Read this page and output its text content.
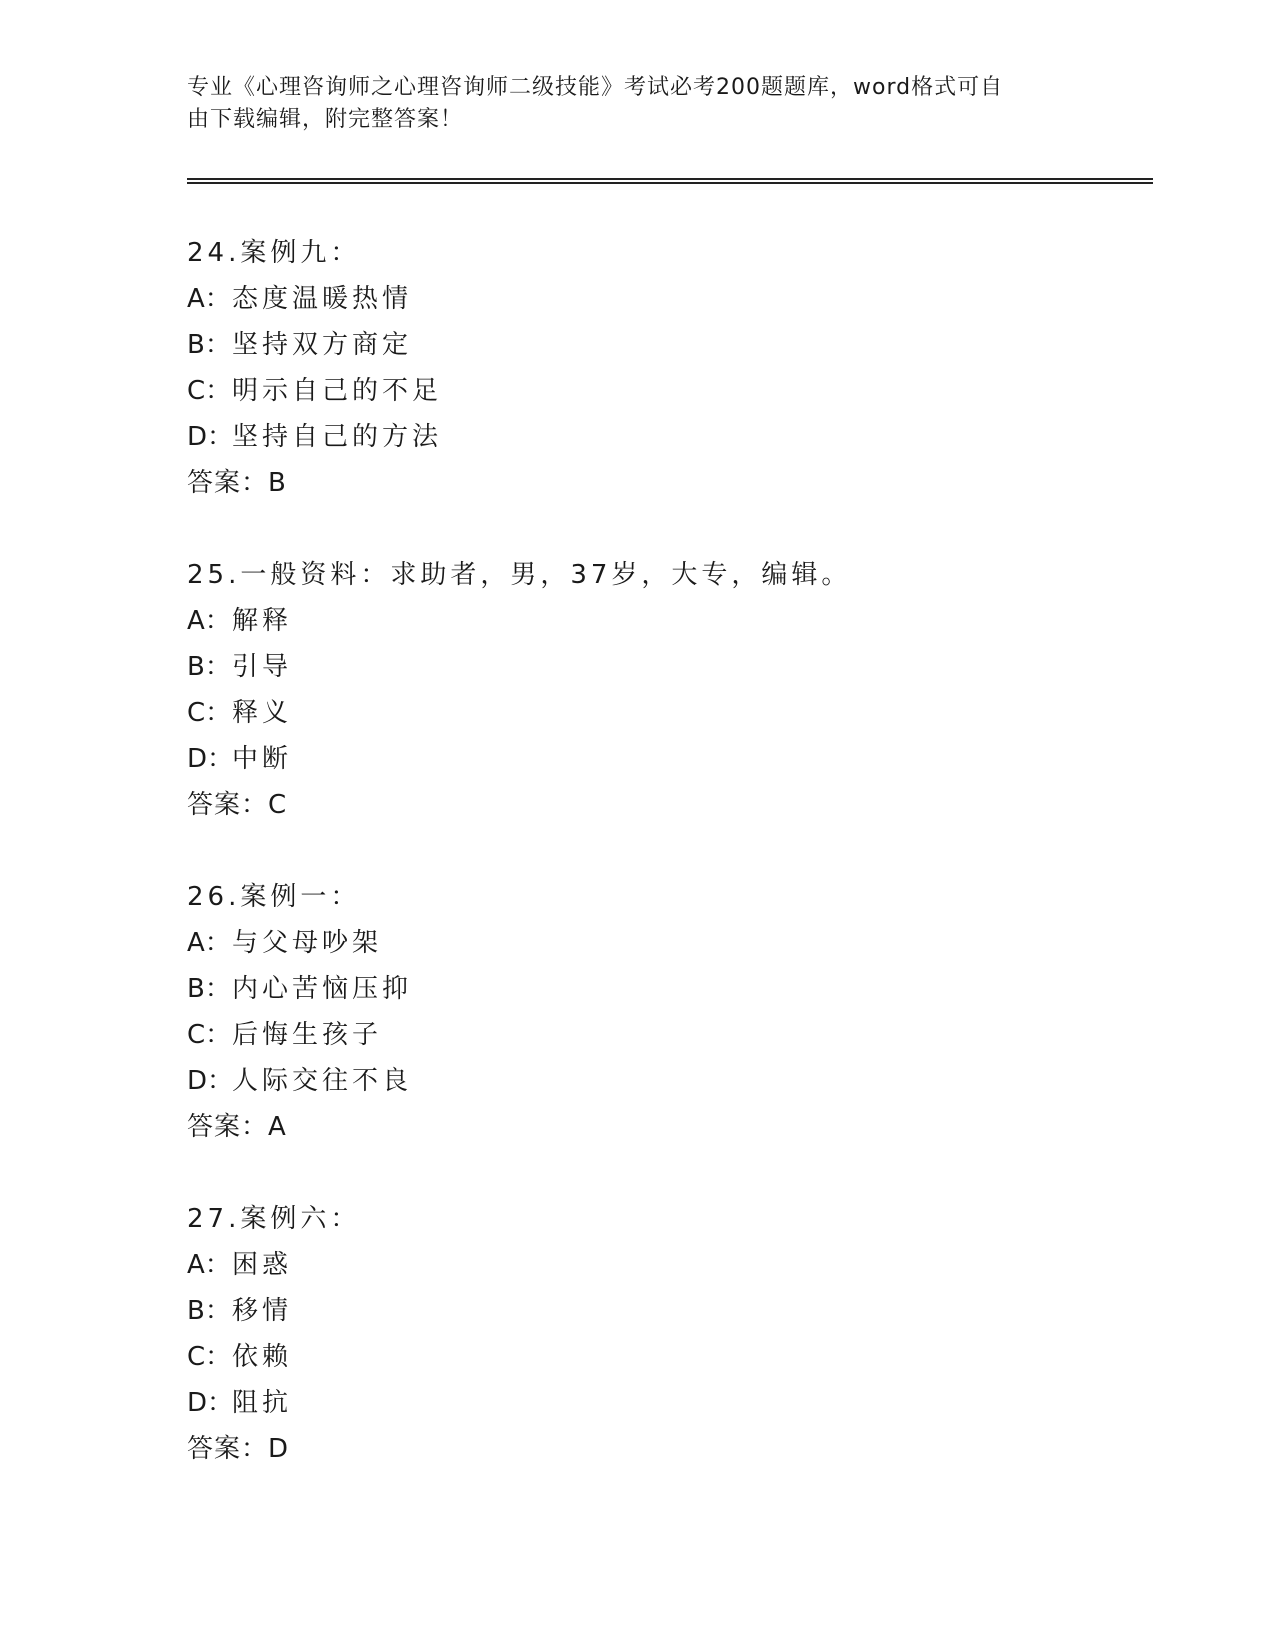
专业《心理咨询师之心理咨询师二级技能》考试必考200题题库，word格式可自
由下载编辑，附完整答案！
24.案例九：
A：态度温暖热情
B：坚持双方商定
C：明示自己的不足
D：坚持自己的方法
答案：B
25.一般资料：求助者，男，37岁，大专，编辑。
A：解释
B：引导
C：释义
D：中断
答案：C
26.案例一：
A：与父母吵架
B：内心苦恼压抑
C：后悔生孩子
D：人际交往不良
答案：A
27.案例六：
A：困惑
B：移情
C：依赖
D：阻抗
答案：D
